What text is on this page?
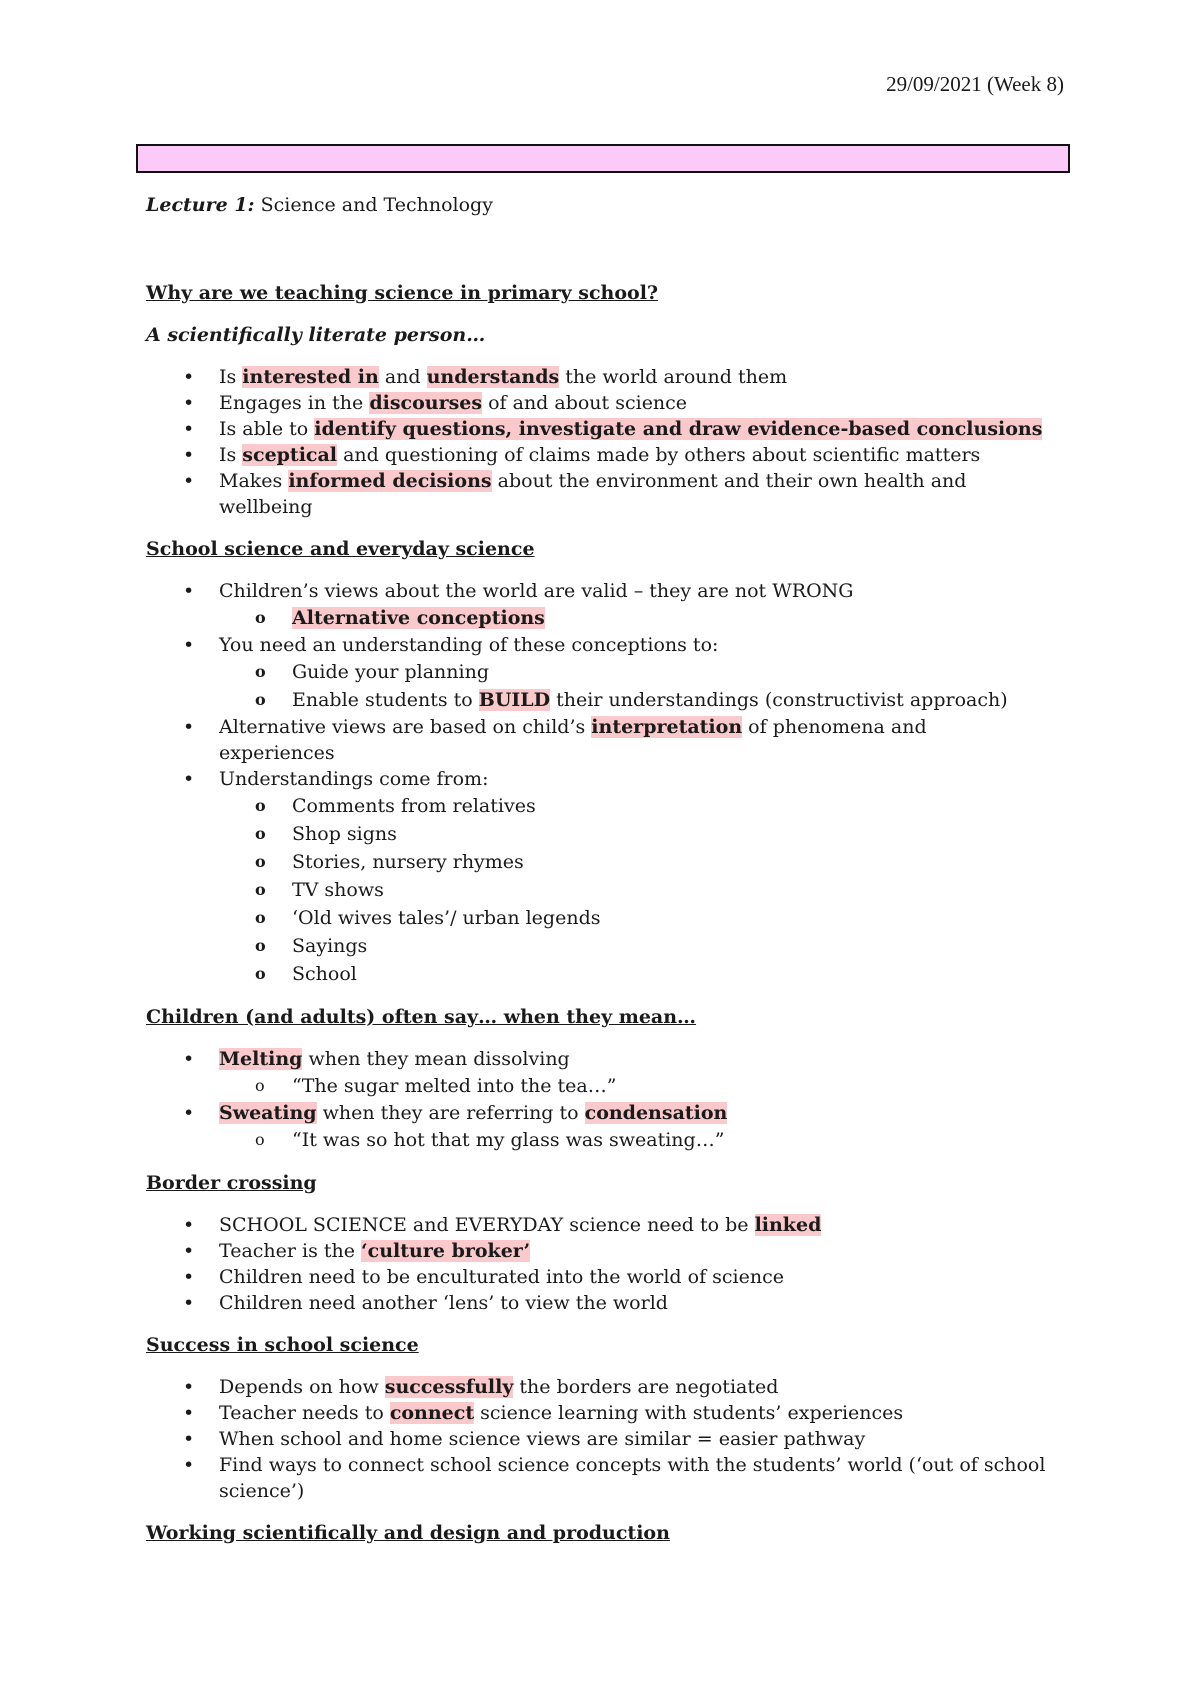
29/09/2021 (Week 8)

Lecture 1: Science and Technology

Why are we teaching science in primary school?

A scientifically literate person…

• Is interested in and understands the world around them
• Engages in the discourses of and about science
• Is able to identify questions, investigate and draw evidence-based conclusions
• Is sceptical and questioning of claims made by others about scientific matters
• Makes informed decisions about the environment and their own health and wellbeing
School science and everyday science
• Children’s views about the world are valid – they are not WRONG
o Alternative conceptions
• You need an understanding of these conceptions to:
o Guide your planning
o Enable students to BUILD their understandings (constructivist approach)
• Alternative views are based on child’s interpretation of phenomena and experiences
• Understandings come from:
o Comments from relatives
o Shop signs
o Stories, nursery rhymes
o TV shows
o ‘Old wives tales’/ urban legends
o Sayings
o School
Children (and adults) often say… when they mean…
• Melting when they mean dissolving
o “The sugar melted into the tea…”
• Sweating when they are referring to condensation
o “It was so hot that my glass was sweating…”
Border crossing
• SCHOOL SCIENCE and EVERYDAY science need to be linked
• Teacher is the ‘culture broker’
• Children need to be enculturated into the world of science
• Children need another ‘lens’ to view the world
Success in school science
• Depends on how successfully the borders are negotiated
• Teacher needs to connect science learning with students’ experiences
• When school and home science views are similar = easier pathway
• Find ways to connect school science concepts with the students’ world (‘out of school science’)
Working scientifically and design and production
